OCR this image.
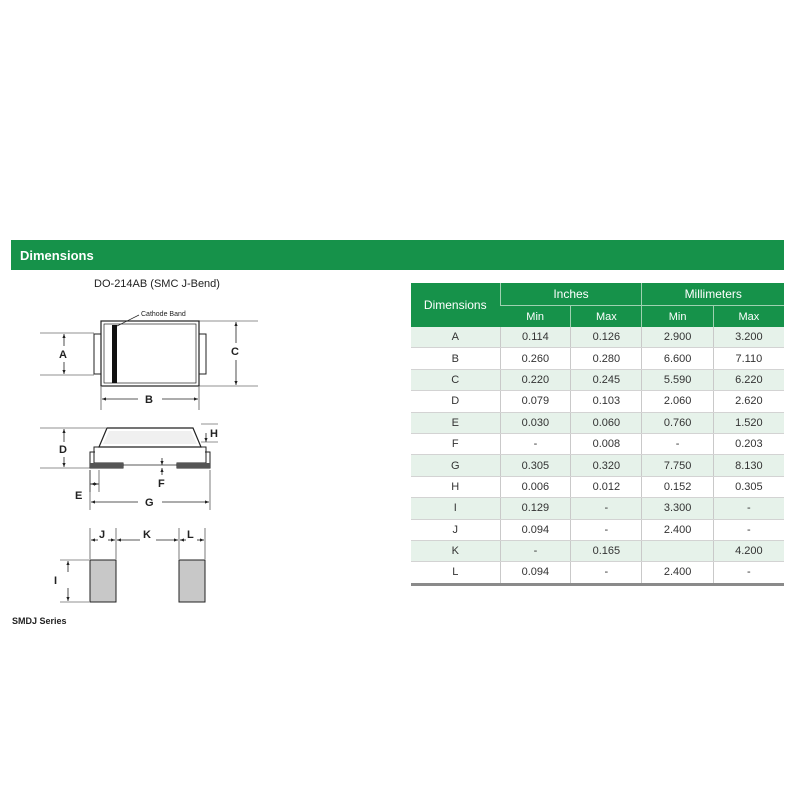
Dimensions
DO-214AB (SMC J-Bend)
Cathode Band
A	C
B
D
H
F
E
G
J	K	L
I
SMDJ Series
Dimensions	Inches		Millimeters	
	Min	Max	Min	Max
A	0.114	0.126	2.900	3.200
B	0.260	0.280	6.600	7.110
C	0.220	0.245	5.590	6.220
D	0.079	0.103	2.060	2.620
E	0.030	0.060	0.760	1.520
F	-	0.008	-	0.203
G	0.305	0.320	7.750	8.130
H	0.006	0.012	0.152	0.305
I	0.129	-	3.300	-
J	0.094	-	2.400	-
K	-	0.165		4.200
L	0.094	-	2.400	-
